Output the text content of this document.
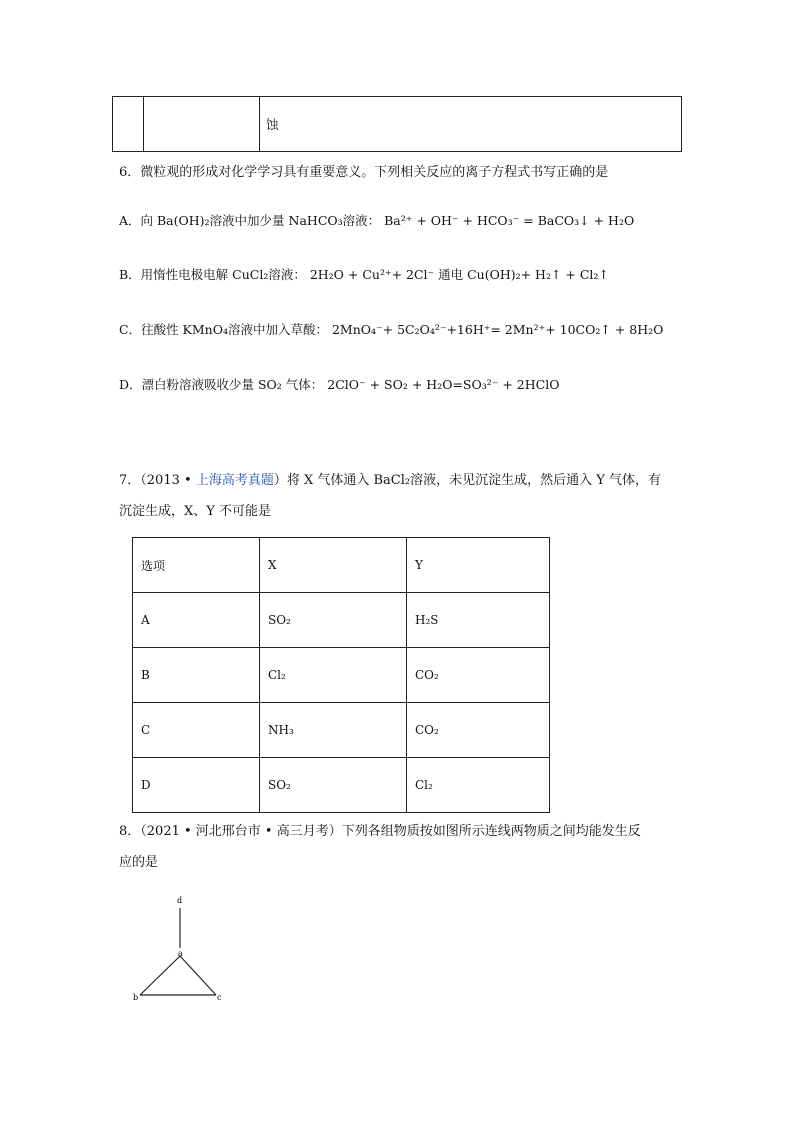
		蚀
6．微粒观的形成对化学学习具有重要意义。下列相关反应的离子方程式书写正确的是
A．向 Ba(OH)₂溶液中加少量 NaHCO₃溶液： Ba²⁺ + OH⁻ + HCO₃⁻ = BaCO₃↓ + H₂O
B．用惰性电极电解 CuCl₂溶液： 2H₂O + Cu²⁺+ 2Cl⁻ 通电 Cu(OH)₂+ H₂↑ + Cl₂↑
C．往酸性 KMnO₄溶液中加入草酸： 2MnO₄⁻+ 5C₂O₄²⁻+16H⁺= 2Mn²⁺+ 10CO₂↑ + 8H₂O
D．漂白粉溶液吸收少量 SO₂ 气体： 2ClO⁻ + SO₂ + H₂O=SO₃²⁻ + 2HClO
7．（2013 • 上海高考真题）将 X 气体通入 BaCl₂溶液，未见沉淀生成，然后通入 Y 气体，有
沉淀生成，X、Y 不可能是
选项	X	Y
A	SO₂	H₂S
B	Cl₂	CO₂
C	NH₃	CO₂
D	SO₂	Cl₂
8．（2021 • 河北邢台市 • 高三月考）下列各组物质按如图所示连线两物质之间均能发生反
应的是
d
a
b	c
